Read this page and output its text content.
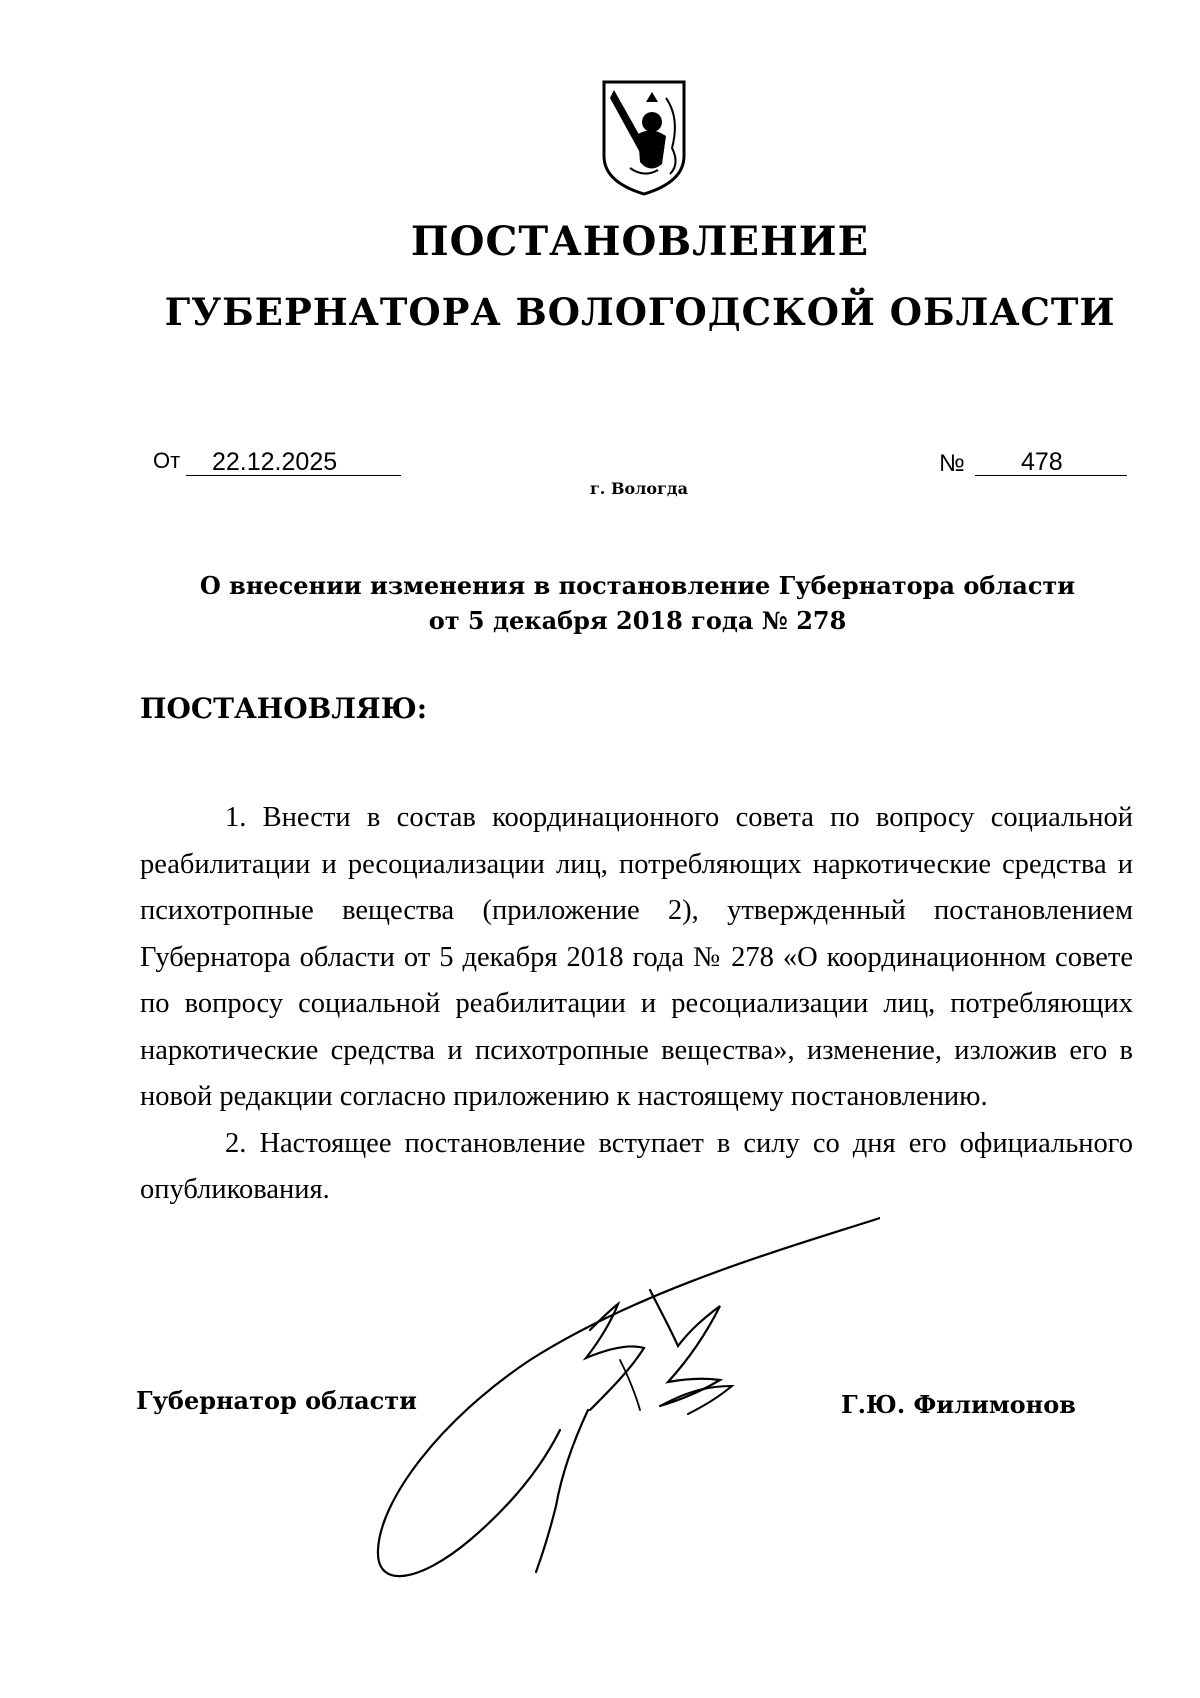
ПОСТАНОВЛЕНИЕ
ГУБЕРНАТОРА ВОЛОГОДСКОЙ ОБЛАСТИ
От	22.12.2025	№	478
г. Вологда
О внесении изменения в постановление Губернатора области
от 5 декабря 2018 года № 278
ПОСТАНОВЛЯЮ:

1. Внести в состав координационного совета по вопросу социальной реабилитации и ресоциализации лиц, потребляющих наркотические средства и психотропные вещества (приложение 2), утвержденный постановлением Губернатора области от 5 декабря 2018 года № 278 «О координационном совете по вопросу социальной реабилитации и ресоциализации лиц, потребляющих наркотические средства и психотропные вещества», изменение, изложив его в новой редакции согласно приложению к настоящему постановлению.

2. Настоящее постановление вступает в силу со дня его официального опубликования.

Губернатор области	Г.Ю. Филимонов
